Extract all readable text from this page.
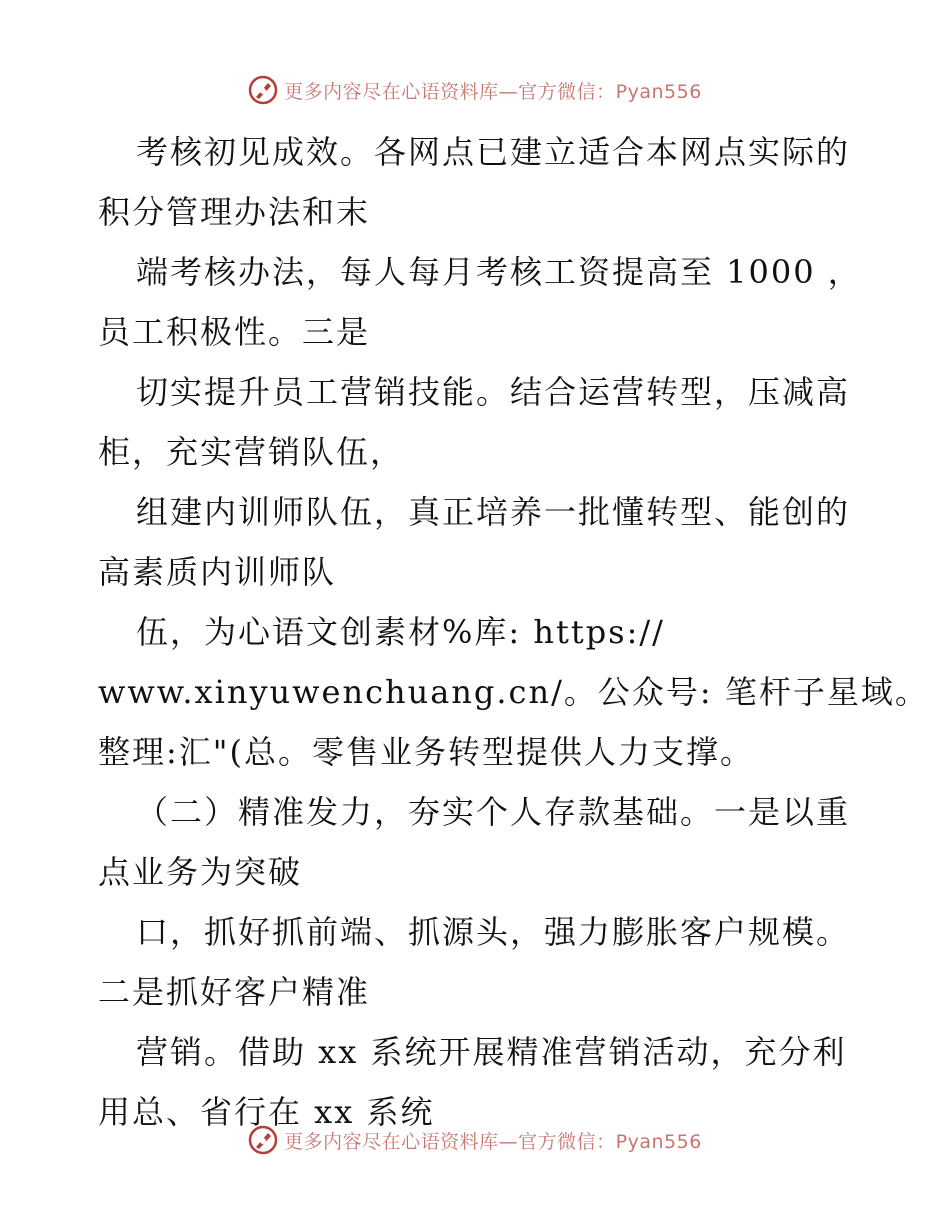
更多内容尽在心语资料库—官方微信：Pyan556
考核初见成效。各网点已建立适合本网点实际的
积分管理办法和末
端考核办法，每人每月考核工资提高至 1000 ，
员工积极性。三是
切实提升员工营销技能。结合运营转型，压减高
柜，充实营销队伍，
组建内训师队伍，真正培养一批懂转型、能创的
高素质内训师队
伍，为心语文创素材%库: https://
www.xinyuwenchuang.cn/。公众号: 笔杆子星域。
整理:汇"(总。零售业务转型提供人力支撑。
（二）精准发力，夯实个人存款基础。一是以重
点业务为突破
口，抓好抓前端、抓源头，强力膨胀客户规模。
二是抓好客户精准
营销。借助 xx 系统开展精准营销活动，充分利
用总、省行在 xx 系统
更多内容尽在心语资料库—官方微信：Pyan556
